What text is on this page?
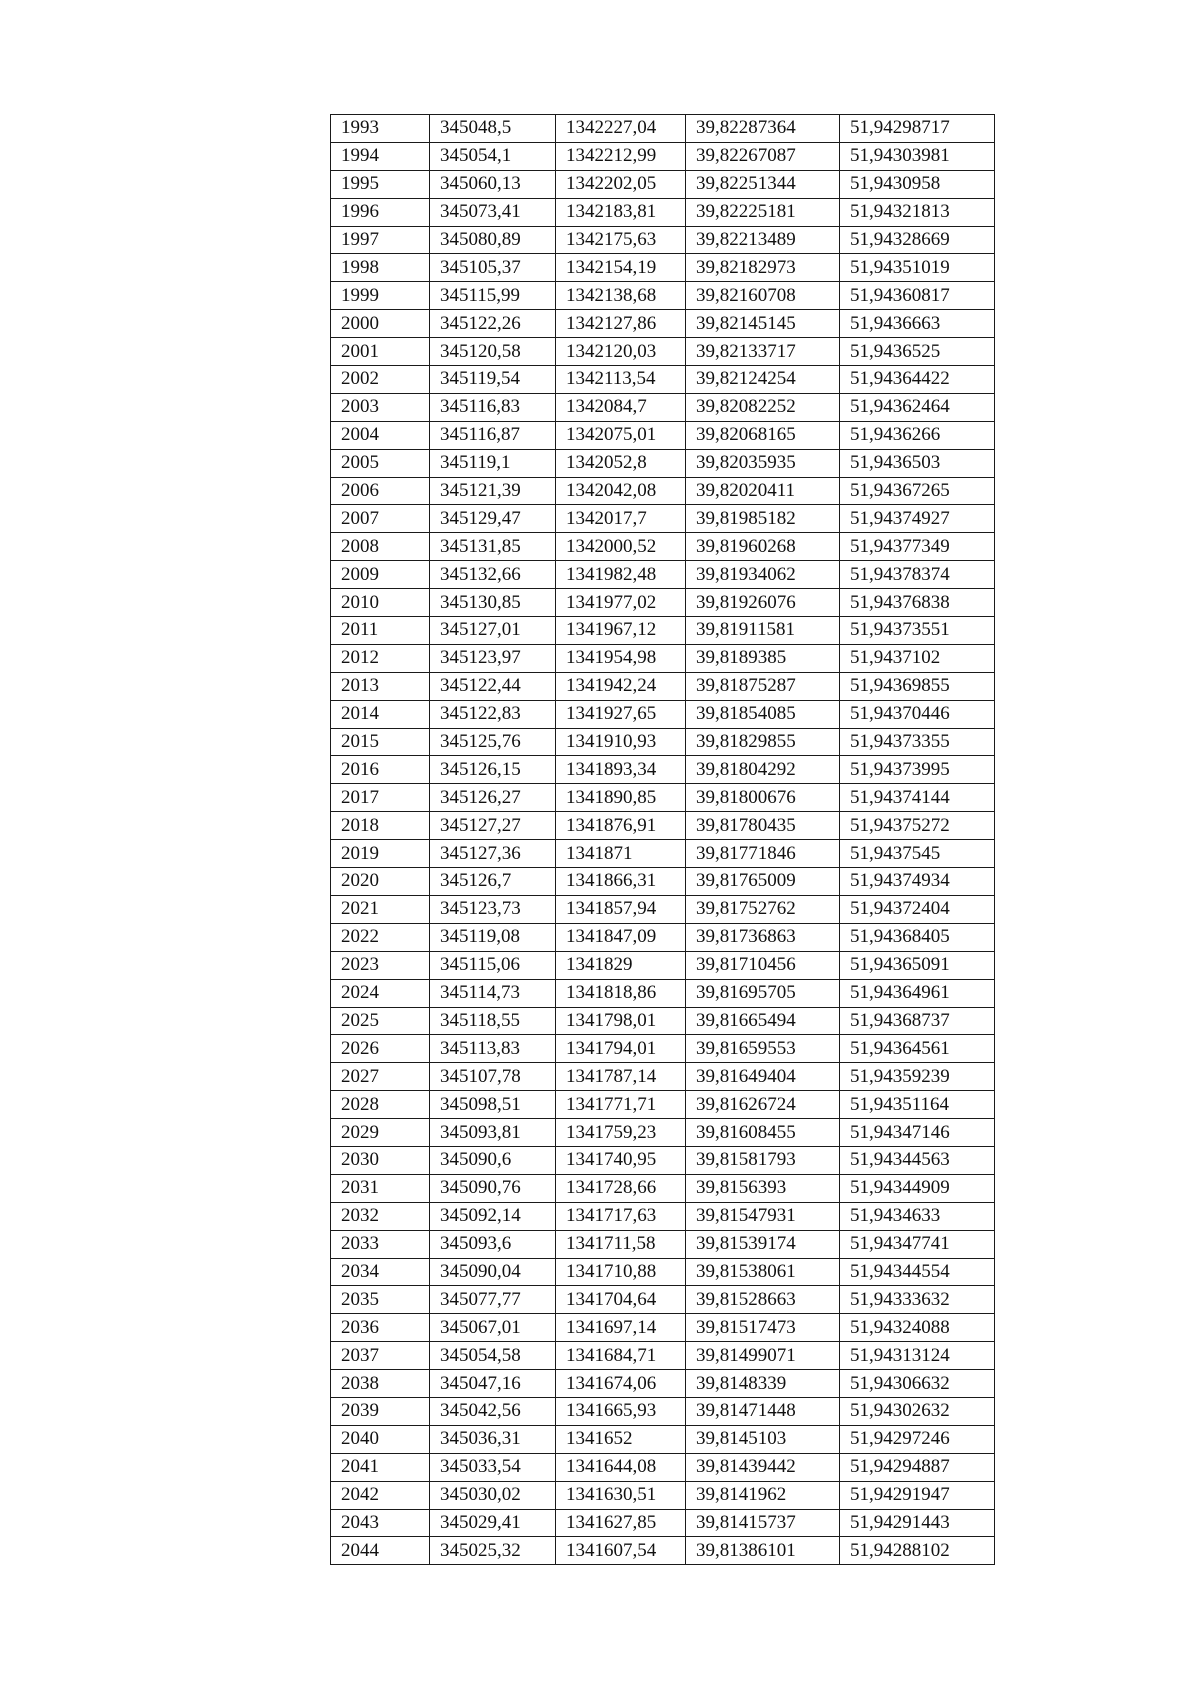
1993	345048,5	1342227,04	39,82287364	51,94298717
1994	345054,1	1342212,99	39,82267087	51,94303981
1995	345060,13	1342202,05	39,82251344	51,9430958
1996	345073,41	1342183,81	39,82225181	51,94321813
1997	345080,89	1342175,63	39,82213489	51,94328669
1998	345105,37	1342154,19	39,82182973	51,94351019
1999	345115,99	1342138,68	39,82160708	51,94360817
2000	345122,26	1342127,86	39,82145145	51,9436663
2001	345120,58	1342120,03	39,82133717	51,9436525
2002	345119,54	1342113,54	39,82124254	51,94364422
2003	345116,83	1342084,7	39,82082252	51,94362464
2004	345116,87	1342075,01	39,82068165	51,9436266
2005	345119,1	1342052,8	39,82035935	51,9436503
2006	345121,39	1342042,08	39,82020411	51,94367265
2007	345129,47	1342017,7	39,81985182	51,94374927
2008	345131,85	1342000,52	39,81960268	51,94377349
2009	345132,66	1341982,48	39,81934062	51,94378374
2010	345130,85	1341977,02	39,81926076	51,94376838
2011	345127,01	1341967,12	39,81911581	51,94373551
2012	345123,97	1341954,98	39,8189385	51,9437102
2013	345122,44	1341942,24	39,81875287	51,94369855
2014	345122,83	1341927,65	39,81854085	51,94370446
2015	345125,76	1341910,93	39,81829855	51,94373355
2016	345126,15	1341893,34	39,81804292	51,94373995
2017	345126,27	1341890,85	39,81800676	51,94374144
2018	345127,27	1341876,91	39,81780435	51,94375272
2019	345127,36	1341871	39,81771846	51,9437545
2020	345126,7	1341866,31	39,81765009	51,94374934
2021	345123,73	1341857,94	39,81752762	51,94372404
2022	345119,08	1341847,09	39,81736863	51,94368405
2023	345115,06	1341829	39,81710456	51,94365091
2024	345114,73	1341818,86	39,81695705	51,94364961
2025	345118,55	1341798,01	39,81665494	51,94368737
2026	345113,83	1341794,01	39,81659553	51,94364561
2027	345107,78	1341787,14	39,81649404	51,94359239
2028	345098,51	1341771,71	39,81626724	51,94351164
2029	345093,81	1341759,23	39,81608455	51,94347146
2030	345090,6	1341740,95	39,81581793	51,94344563
2031	345090,76	1341728,66	39,8156393	51,94344909
2032	345092,14	1341717,63	39,81547931	51,9434633
2033	345093,6	1341711,58	39,81539174	51,94347741
2034	345090,04	1341710,88	39,81538061	51,94344554
2035	345077,77	1341704,64	39,81528663	51,94333632
2036	345067,01	1341697,14	39,81517473	51,94324088
2037	345054,58	1341684,71	39,81499071	51,94313124
2038	345047,16	1341674,06	39,8148339	51,94306632
2039	345042,56	1341665,93	39,81471448	51,94302632
2040	345036,31	1341652	39,8145103	51,94297246
2041	345033,54	1341644,08	39,81439442	51,94294887
2042	345030,02	1341630,51	39,8141962	51,94291947
2043	345029,41	1341627,85	39,81415737	51,94291443
2044	345025,32	1341607,54	39,81386101	51,94288102
